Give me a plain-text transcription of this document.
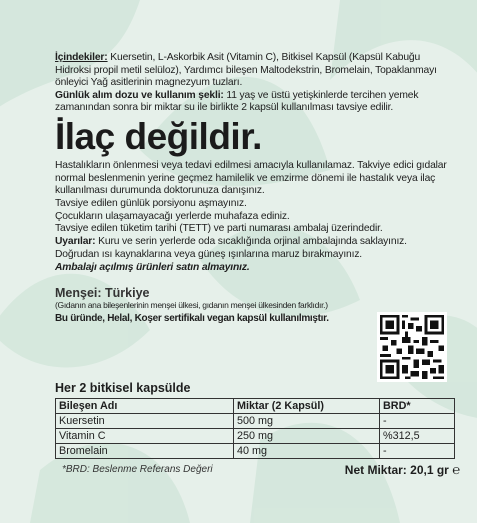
İçindekiler: Kuersetin, L-Askorbik Asit (Vitamin C), Bitkisel Kapsül (Kapsül Kabuğu Hidroksi propil metil selüloz), Yardımcı bileşen Maltodekstrin, Bromelain, Topaklanmayı önleyici Yağ asitlerinin magnezyum tuzları.

Günlük alım dozu ve kullanım şekli: 11 yaş ve üstü yetişkinlerde tercihen yemek zamanından sonra bir miktar su ile birlikte 2 kapsül kullanılması tavsiye edilir.

İlaç değildir.

Hastalıkların önlenmesi veya tedavi edilmesi amacıyla kullanılamaz. Takviye edici gıdalar normal beslenmenin yerine geçmez hamilelik ve emzirme dönemi ile hastalık veya ilaç kullanılması durumunda doktorunuza danışınız.

Tavsiye edilen günlük porsiyonu aşmayınız.

Çocukların ulaşamayacağı yerlerde muhafaza ediniz.

Tavsiye edilen tüketim tarihi (TETT) ve parti numarası ambalaj üzerindedir.

Uyarılar: Kuru ve serin yerlerde oda sıcaklığında orjinal ambalajında saklayınız.

Doğrudan ısı kaynaklarına veya güneş ışınlarına maruz bırakmayınız.

Ambalajı açılmış ürünleri satın almayınız.

Menşei: Türkiye
(Gıdanın ana bileşenlerinin menşei ülkesi, gıdanın menşei ülkesinden farklıdır.)
Bu üründe, Helal, Koşer sertifikalı vegan kapsül kullanılmıştır.
Her 2 bitkisel kapsülde
Bileşen Adı	Miktar (2 Kapsül)	BRD*
Kuersetin	500 mg	-
Vitamin C	250 mg	%312,5
Bromelain	40 mg	-
*BRD: Beslenme Referans Değeri	Net Miktar: 20,1 gr ℮
